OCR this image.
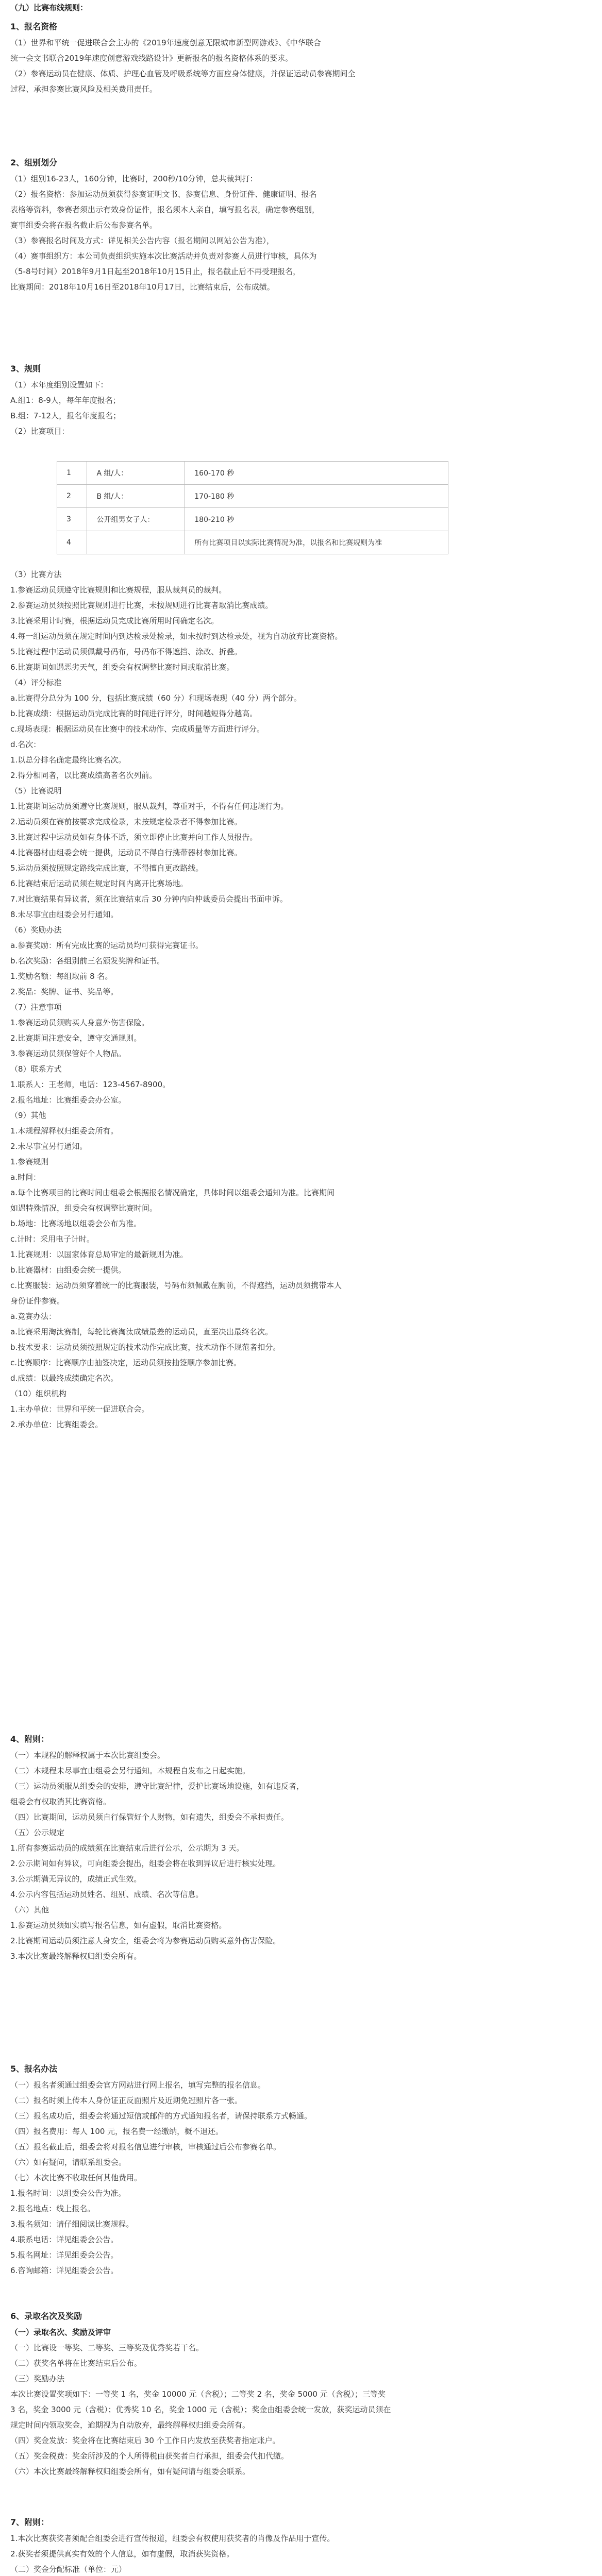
（九）比赛布线规则：

1、报名资格

（1）世界和平统一促进联合会主办的《2019年速度创意无限城市新型网游戏》、《中华联合

统一会文书联合2019年速度创意游戏线路设计》更新报名的报名资格体系的要求。

（2）参赛运动员在健康、体质、护理心血管及呼吸系统等方面应身体健康，并保证运动员参赛期间全

过程、承担参赛比赛风险及相关费用责任。

2、组别划分

（1）组别16-23人，160分钟，比赛时，200秒/10分钟，总共裁判打：

（2）报名资格：参加运动员须获得参赛证明文书、参赛信息、身份证件、健康证明、报名

表格等资料，参赛者须出示有效身份证件，报名须本人亲自，填写报名表，确定参赛组别，

赛事组委会将在报名截止后公布参赛名单。

（3）参赛报名时间及方式：详见相关公告内容（报名期间以网站公告为准），

（4）赛事组织方：本公司负责组织实施本次比赛活动并负责对参赛人员进行审核，具体为

（5-8号时间）2018年9月1日起至2018年10月15日止，报名截止后不再受理报名，

比赛期间：2018年10月16日至2018年10月17日，比赛结束后，公布成绩。

3、规则

（1）本年度组别设置如下：

A.组1：8-9人，每年年度报名；

B.组：7-12人，报名年度报名；

（2）比赛项目：

1	A 组/人：	160-170 秒
2	B 组/人：	170-180 秒
3	公开组男女子人：	180-210 秒
4		所有比赛项目以实际比赛情况为准，以报名和比赛规则为准

（3）比赛方法

1.参赛运动员须遵守比赛规则和比赛规程，服从裁判员的裁判。

2.参赛运动员须按照比赛规则进行比赛，未按规则进行比赛者取消比赛成绩。

3.比赛采用计时赛，根据运动员完成比赛所用时间确定名次。

4.每一组运动员须在规定时间内到达检录处检录，如未按时到达检录处，视为自动放弃比赛资格。

5.比赛过程中运动员须佩戴号码布，号码布不得遮挡、涂改、折叠。

6.比赛期间如遇恶劣天气，组委会有权调整比赛时间或取消比赛。

（4）评分标准

a.比赛得分总分为 100 分，包括比赛成绩（60 分）和现场表现（40 分）两个部分。

b.比赛成绩：根据运动员完成比赛的时间进行评分，时间越短得分越高。

c.现场表现：根据运动员在比赛中的技术动作、完成质量等方面进行评分。

d.名次：

1.以总分排名确定最终比赛名次。

2.得分相同者，以比赛成绩高者名次列前。

（5）比赛说明

1.比赛期间运动员须遵守比赛规则，服从裁判，尊重对手，不得有任何违规行为。

2.运动员须在赛前按要求完成检录，未按规定检录者不得参加比赛。

3.比赛过程中运动员如有身体不适，须立即停止比赛并向工作人员报告。

4.比赛器材由组委会统一提供，运动员不得自行携带器材参加比赛。

5.运动员须按照规定路线完成比赛，不得擅自更改路线。

6.比赛结束后运动员须在规定时间内离开比赛场地。

7.对比赛结果有异议者，须在比赛结束后 30 分钟内向仲裁委员会提出书面申诉。

8.未尽事宜由组委会另行通知。

（6）奖励办法

a.参赛奖励：所有完成比赛的运动员均可获得完赛证书。

b.名次奖励：各组别前三名颁发奖牌和证书。

1.奖励名额：每组取前 8 名。

2.奖品：奖牌、证书、奖品等。

（7）注意事项

1.参赛运动员须购买人身意外伤害保险。

2.比赛期间注意安全，遵守交通规则。

3.参赛运动员须保管好个人物品。

（8）联系方式

1.联系人：王老师，电话：123-4567-8900。

2.报名地址：比赛组委会办公室。

（9）其他

1.本规程解释权归组委会所有。

2.未尽事宜另行通知。

1.参赛规则

a.时间：

a.每个比赛项目的比赛时间由组委会根据报名情况确定，具体时间以组委会通知为准。比赛期间

如遇特殊情况，组委会有权调整比赛时间。

b.场地：比赛场地以组委会公布为准。

c.计时：采用电子计时。

1.比赛规则：以国家体育总局审定的最新规则为准。

b.比赛器材：由组委会统一提供。

c.比赛服装：运动员须穿着统一的比赛服装，号码布须佩戴在胸前，不得遮挡，运动员须携带本人

身份证件参赛。

a.竞赛办法：

a.比赛采用淘汰赛制，每轮比赛淘汰成绩最差的运动员，直至决出最终名次。

b.技术要求：运动员须按照规定的技术动作完成比赛，技术动作不规范者扣分。

c.比赛顺序：比赛顺序由抽签决定，运动员须按抽签顺序参加比赛。

d.成绩：以最终成绩确定名次。

（10）组织机构

1.主办单位：世界和平统一促进联合会。

2.承办单位：比赛组委会。

4、附则：

（一）本规程的解释权属于本次比赛组委会。

（二）本规程未尽事宜由组委会另行通知。本规程自发布之日起实施。

（三）运动员须服从组委会的安排，遵守比赛纪律，爱护比赛场地设施，如有违反者，

组委会有权取消其比赛资格。

（四）比赛期间，运动员须自行保管好个人财物，如有遗失，组委会不承担责任。

（五）公示规定

1.所有参赛运动员的成绩须在比赛结束后进行公示，公示期为 3 天。

2.公示期间如有异议，可向组委会提出，组委会将在收到异议后进行核实处理。

3.公示期满无异议的，成绩正式生效。

4.公示内容包括运动员姓名、组别、成绩、名次等信息。

（六）其他

1.参赛运动员须如实填写报名信息，如有虚假，取消比赛资格。

2.比赛期间运动员须注意人身安全，组委会将为参赛运动员购买意外伤害保险。

3.本次比赛最终解释权归组委会所有。

5、报名办法

（一）报名者须通过组委会官方网站进行网上报名，填写完整的报名信息。

（二）报名时须上传本人身份证正反面照片及近期免冠照片各一张。

（三）报名成功后，组委会将通过短信或邮件的方式通知报名者，请保持联系方式畅通。

（四）报名费用：每人 100 元，报名费一经缴纳，概不退还。

（五）报名截止后，组委会将对报名信息进行审核，审核通过后公布参赛名单。

（六）如有疑问，请联系组委会。

（七）本次比赛不收取任何其他费用。

1.报名时间：以组委会公告为准。

2.报名地点：线上报名。

3.报名须知：请仔细阅读比赛规程。

4.联系电话：详见组委会公告。

5.报名网址：详见组委会公告。

6.咨询邮箱：详见组委会公告。

6、录取名次及奖励

（一）录取名次、奖励及评审

（一）比赛设一等奖、二等奖、三等奖及优秀奖若干名。

（二）获奖名单将在比赛结束后公布。

（三）奖励办法

本次比赛设置奖项如下：一等奖 1 名，奖金 10000 元（含税）；二等奖 2 名，奖金 5000 元（含税）；三等奖

3 名，奖金 3000 元（含税）；优秀奖 10 名，奖金 1000 元（含税）；奖金由组委会统一发放，获奖运动员须在

规定时间内领取奖金，逾期视为自动放弃，最终解释权归组委会所有。

（四）奖金发放：奖金将在比赛结束后 30 个工作日内发放至获奖者指定账户。

（五）奖金税费：奖金所涉及的个人所得税由获奖者自行承担，组委会代扣代缴。

（六）本次比赛最终解释权归组委会所有，如有疑问请与组委会联系。

7、附则：

1.本次比赛获奖者须配合组委会进行宣传报道，组委会有权使用获奖者的肖像及作品用于宣传。

2.获奖者须提供真实有效的个人信息，如有虚假，取消获奖资格。

（二）奖金分配标准（单位：元）
